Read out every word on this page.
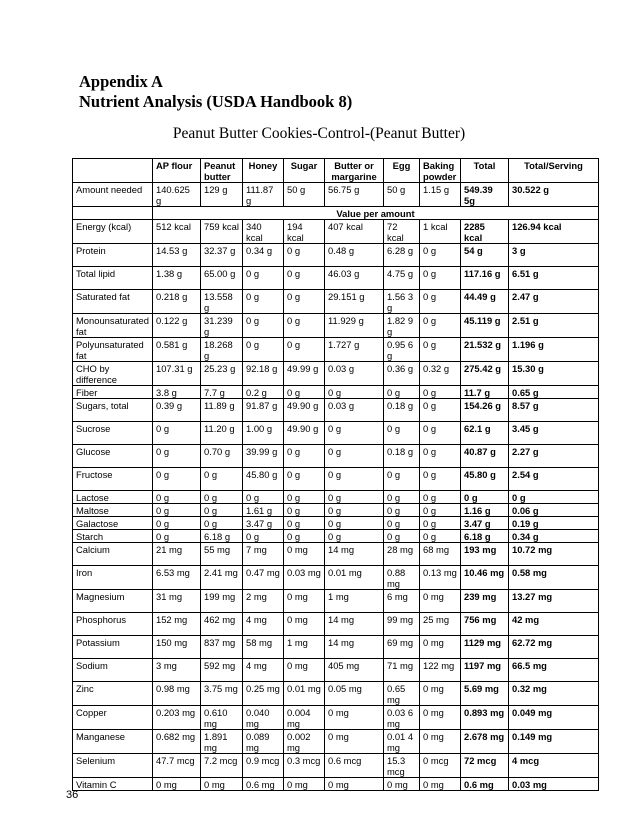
Appendix A
Nutrient Analysis (USDA Handbook 8)
Peanut Butter Cookies-Control-(Peanut Butter)
	AP flour	Peanut butter	Honey	Sugar	Butter or margarine	Egg	Baking powder	Total	Total/Serving
Amount needed	140.625 g	129 g	111.87 g	50 g	56.75 g	50 g	1.15 g	549.39 5g	30.522 g
	Value per amount								
Energy (kcal)	512 kcal	759 kcal	340 kcal	194 kcal	407 kcal	72 kcal	1 kcal	2285 kcal	126.94 kcal
Protein	14.53 g	32.37 g	0.34 g	0 g	0.48 g	6.28 g	0 g	54 g	3 g
Total lipid	1.38 g	65.00 g	0 g	0 g	46.03 g	4.75 g	0 g	117.16 g	6.51 g
Saturated fat	0.218 g	13.558 g	0 g	0 g	29.151 g	1.56 3 g	0 g	44.49 g	2.47 g
Monounsaturated fat	0.122 g	31.239 g	0 g	0 g	11.929 g	1.82 9 g	0 g	45.119 g	2.51 g
Polyunsaturated fat	0.581 g	18.268 g	0 g	0 g	1.727 g	0.95 6 g	0 g	21.532 g	1.196 g
CHO by difference	107.31 g	25.23 g	92.18 g	49.99 g	0.03 g	0.36 g	0.32 g	275.42 g	15.30 g
Fiber	3.8 g	7.7 g	0.2 g	0 g	0 g	0 g	0 g	11.7 g	0.65 g
Sugars, total	0.39 g	11.89 g	91.87 g	49.90 g	0.03 g	0.18 g	0 g	154.26 g	8.57 g
Sucrose	0 g	11.20 g	1.00 g	49.90 g	0 g	0 g	0 g	62.1 g	3.45 g
Glucose	0 g	0.70 g	39.99 g	0 g	0 g	0.18 g	0 g	40.87 g	2.27 g
Fructose	0 g	0 g	45.80 g	0 g	0 g	0 g	0 g	45.80 g	2.54 g
Lactose	0 g	0 g	0 g	0 g	0 g	0 g	0 g	0 g	0 g
Maltose	0 g	0 g	1.61 g	0 g	0 g	0 g	0 g	1.16 g	0.06 g
Galactose	0 g	0 g	3.47 g	0 g	0 g	0 g	0 g	3.47 g	0.19 g
Starch	0 g	6.18 g	0 g	0 g	0 g	0 g	0 g	6.18 g	0.34 g
Calcium	21 mg	55 mg	7 mg	0 mg	14 mg	28 mg	68 mg	193 mg	10.72 mg
Iron	6.53 mg	2.41 mg	0.47 mg	0.03 mg	0.01 mg	0.88 mg	0.13 mg	10.46 mg	0.58 mg
Magnesium	31 mg	199 mg	2 mg	0 mg	1 mg	6 mg	0 mg	239 mg	13.27 mg
Phosphorus	152 mg	462 mg	4 mg	0 mg	14 mg	99 mg	25 mg	756 mg	42 mg
Potassium	150 mg	837 mg	58 mg	1 mg	14 mg	69 mg	0 mg	1129 mg	62.72 mg
Sodium	3 mg	592 mg	4 mg	0 mg	405 mg	71 mg	122 mg	1197 mg	66.5 mg
Zinc	0.98 mg	3.75 mg	0.25 mg	0.01 mg	0.05 mg	0.65 mg	0 mg	5.69 mg	0.32 mg
Copper	0.203 mg	0.610 mg	0.040 mg	0.004 mg	0 mg	0.03 6 mg	0 mg	0.893 mg	0.049 mg
Manganese	0.682 mg	1.891 mg	0.089 mg	0.002 mg	0 mg	0.01 4 mg	0 mg	2.678 mg	0.149 mg
Selenium	47.7 mcg	7.2 mcg	0.9 mcg	0.3 mcg	0.6 mcg	15.3 mcg	0 mcg	72 mcg	4 mcg
Vitamin C	0 mg	0 mg	0.6 mg	0 mg	0 mg	0 mg	0 mg	0.6 mg	0.03 mg
36
